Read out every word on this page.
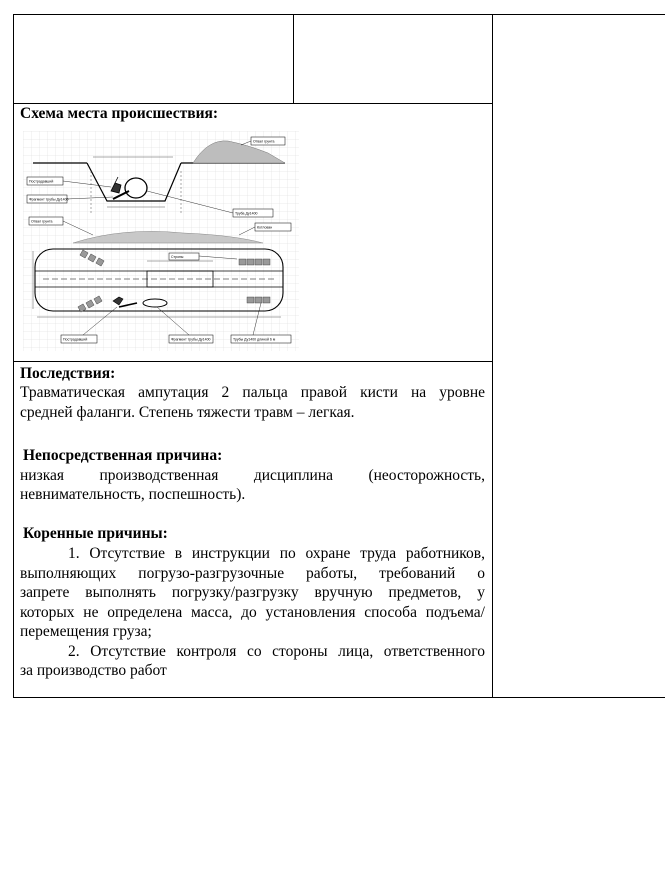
Схема места происшествия:
Отвал грунта
Пострадавший
Фрагмент трубы Ду1400
Труба Ду1400
Отвал грунта
Котлован
Стропы
Пострадавший	Фрагмент трубы Ду1400	Трубы Ду1400 длиной 6 м
Последствия:
Травматическая ампутация 2 пальца правой кисти на уровне
средней фаланги. Степень тяжести травм – легкая.
Непосредственная причина:
низкая производственная дисциплина (неосторожность,
невнимательность, поспешность).
Коренные причины:
1. Отсутствие в инструкции по охране труда работников,
выполняющих погрузо-разгрузочные работы, требований о
запрете выполнять погрузку/разгрузку вручную предметов, у
которых не определена масса, до установления способа подъема/
перемещения груза;
2. Отсутствие контроля со стороны лица, ответственного
за производство работ
